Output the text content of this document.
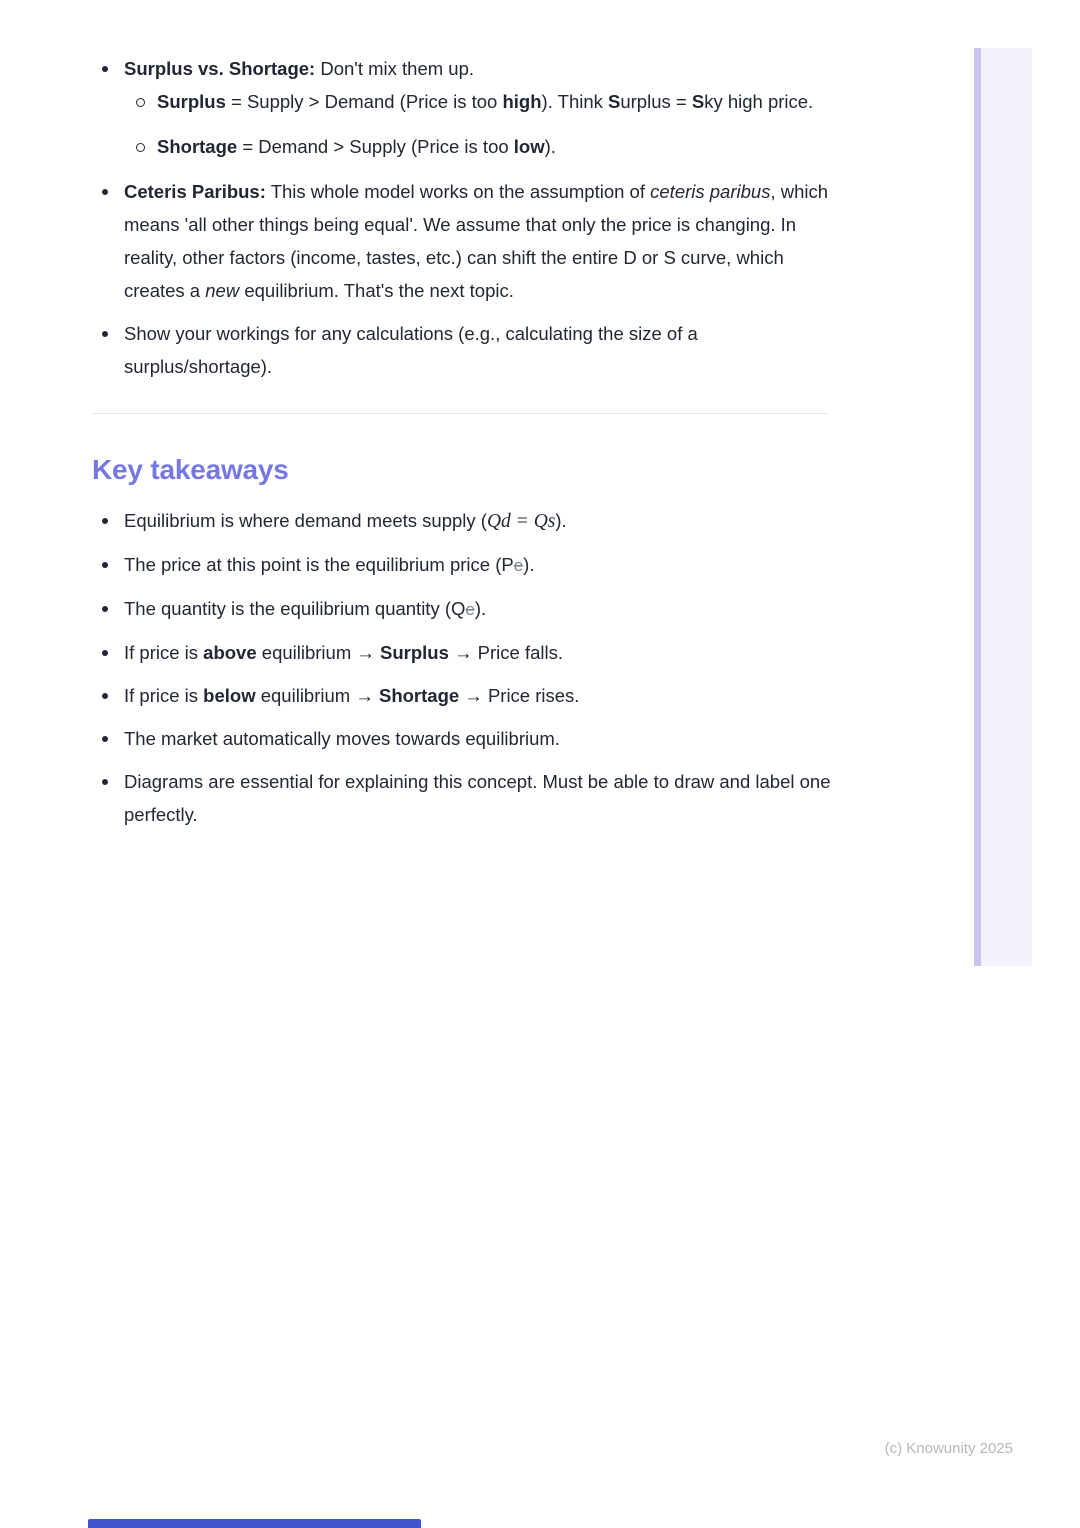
Surplus vs. Shortage: Don't mix them up.
Surplus = Supply > Demand (Price is too high). Think Surplus = Sky high price.
Shortage = Demand > Supply (Price is too low).
Ceteris Paribus: This whole model works on the assumption of ceteris paribus, which means 'all other things being equal'. We assume that only the price is changing. In reality, other factors (income, tastes, etc.) can shift the entire D or S curve, which creates a new equilibrium. That's the next topic.
Show your workings for any calculations (e.g., calculating the size of a surplus/shortage).
Key takeaways
Equilibrium is where demand meets supply (Qd = Qs).
The price at this point is the equilibrium price (Pe).
The quantity is the equilibrium quantity (Qe).
If price is above equilibrium → Surplus → Price falls.
If price is below equilibrium → Shortage → Price rises.
The market automatically moves towards equilibrium.
Diagrams are essential for explaining this concept. Must be able to draw and label one perfectly.
(c) Knowunity 2025
